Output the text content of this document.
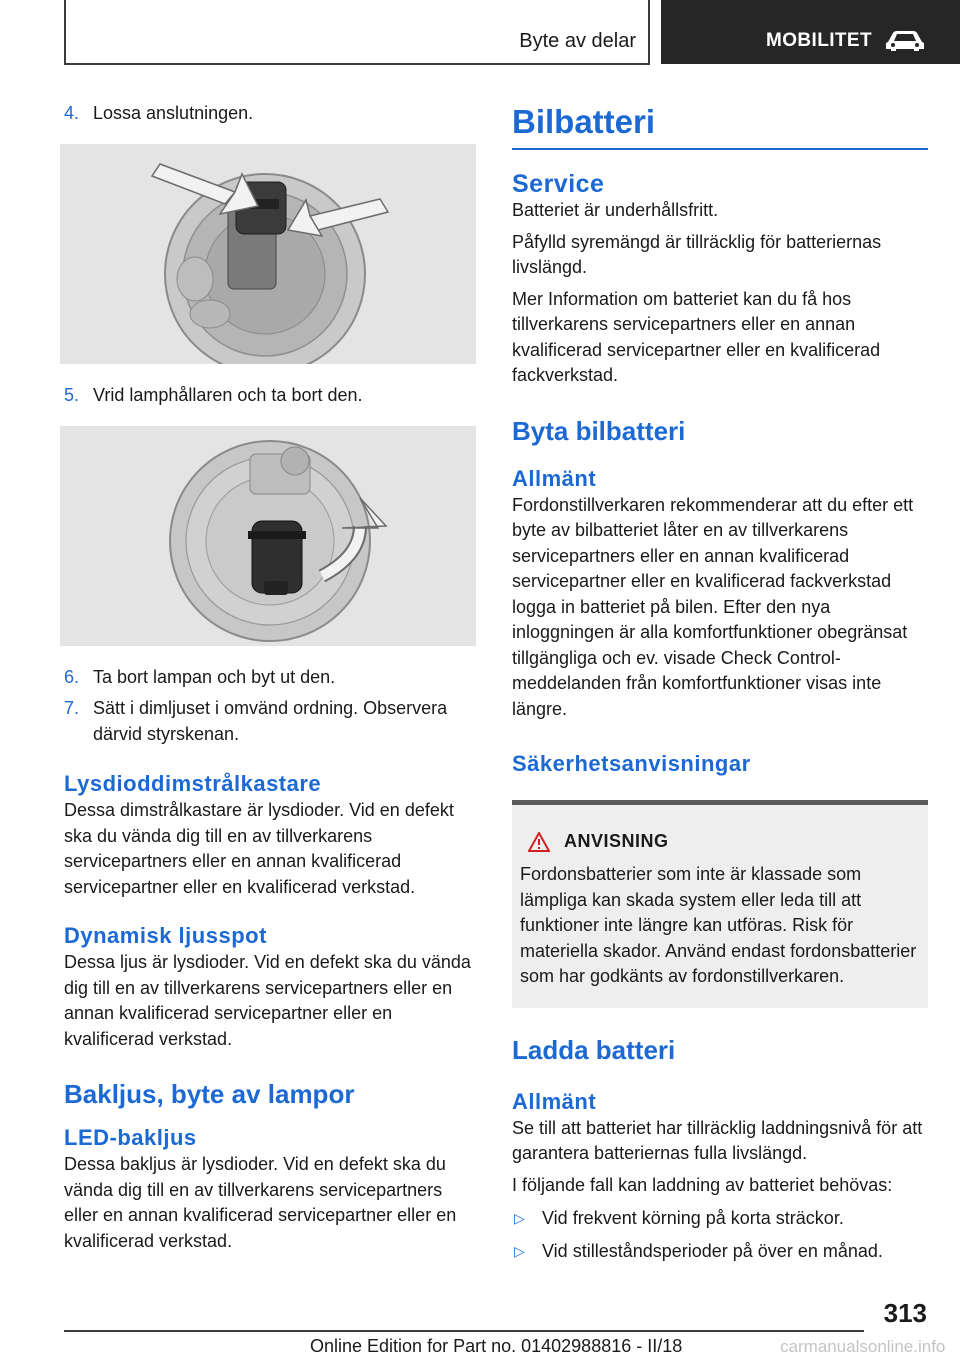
Byte av delar	MOBILITET
4. Lossa anslutningen.
5. Vrid lamphållaren och ta bort den.
6. Ta bort lampan och byt ut den.
7. Sätt i dimljuset i omvänd ordning. Observera därvid styrskenan.
Lysdioddimstrålkastare

Dessa dimstrålkastare är lysdioder. Vid en defekt ska du vända dig till en av tillverkarens servicepartners eller en annan kvalificerad servicepartner eller en kvalificerad verkstad.

Dynamisk ljusspot

Dessa ljus är lysdioder. Vid en defekt ska du vända dig till en av tillverkarens servicepartners eller en annan kvalificerad servicepartner eller en kvalificerad verkstad.

Bakljus, byte av lampor
LED-bakljus

Dessa bakljus är lysdioder. Vid en defekt ska du vända dig till en av tillverkarens servicepartners eller en annan kvalificerad servicepartner eller en kvalificerad verkstad.

Bilbatteri
Service

Batteriet är underhållsfritt.

Påfylld syremängd är tillräcklig för batteriernas livslängd.

Mer Information om batteriet kan du få hos tillverkarens servicepartners eller en annan kvalificerad servicepartner eller en kvalificerad fackverkstad.

Byta bilbatteri
Allmänt

Fordonstillverkaren rekommenderar att du efter ett byte av bilbatteriet låter en av tillverkarens servicepartners eller en annan kvalificerad servicepartner eller en kvalificerad fackverkstad logga in batteriet på bilen. Efter den nya inloggningen är alla komfortfunktioner obegränsat tillgängliga och ev. visade Check Control-meddelanden från komfortfunktioner visas inte längre.

Säkerhetsanvisningar
ANVISNING
Fordonsbatterier som inte är klassade som lämpliga kan skada system eller leda till att funktioner inte längre kan utföras. Risk för materiella skador. Använd endast fordonsbatterier som har godkänts av fordonstillverkaren.
Ladda batteri
Allmänt

Se till att batteriet har tillräcklig laddningsnivå för att garantera batteriernas fulla livslängd.

I följande fall kan laddning av batteriet behövas:

▷ Vid frekvent körning på korta sträckor.
▷ Vid stilleståndsperioder på över en månad.
313
Online Edition for Part no. 01402988816 - II/18	carmanualsonline.info
